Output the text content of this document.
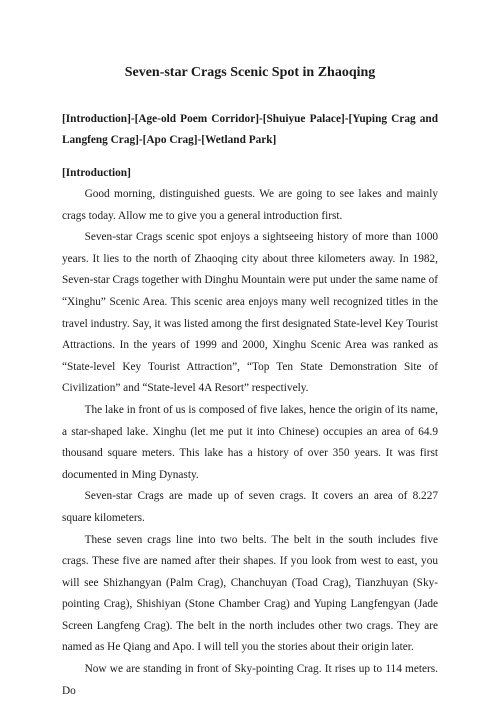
Seven-star Crags Scenic Spot in Zhaoqing

[Introduction]-[Age-old Poem Corridor]-[Shuiyue Palace]-[Yuping Crag and Langfeng Crag]-[Apo Crag]-[Wetland Park]

[Introduction]

Good morning, distinguished guests. We are going to see lakes and mainly crags today. Allow me to give you a general introduction first.

Seven-star Crags scenic spot enjoys a sightseeing history of more than 1000 years. It lies to the north of Zhaoqing city about three kilometers away. In 1982, Seven-star Crags together with Dinghu Mountain were put under the same name of “Xinghu” Scenic Area. This scenic area enjoys many well recognized titles in the travel industry. Say, it was listed among the first designated State-level Key Tourist Attractions. In the years of 1999 and 2000, Xinghu Scenic Area was ranked as “State-level Key Tourist Attraction”, “Top Ten State Demonstration Site of Civilization” and “State-level 4A Resort” respectively.

The lake in front of us is composed of five lakes, hence the origin of its name, a star-shaped lake. Xinghu (let me put it into Chinese) occupies an area of 64.9 thousand square meters. This lake has a history of over 350 years. It was first documented in Ming Dynasty.

Seven-star Crags are made up of seven crags. It covers an area of 8.227 square kilometers.

These seven crags line into two belts. The belt in the south includes five crags. These five are named after their shapes. If you look from west to east, you will see Shizhangyan (Palm Crag), Chanchuyan (Toad Crag), Tianzhuyan (Sky-pointing Crag), Shishiyan (Stone Chamber Crag) and Yuping Langfengyan (Jade Screen Langfeng Crag). The belt in the north includes other two crags. They are named as He Qiang and Apo. I will tell you the stories about their origin later.

Now we are standing in front of Sky-pointing Crag. It rises up to 114 meters. Do
